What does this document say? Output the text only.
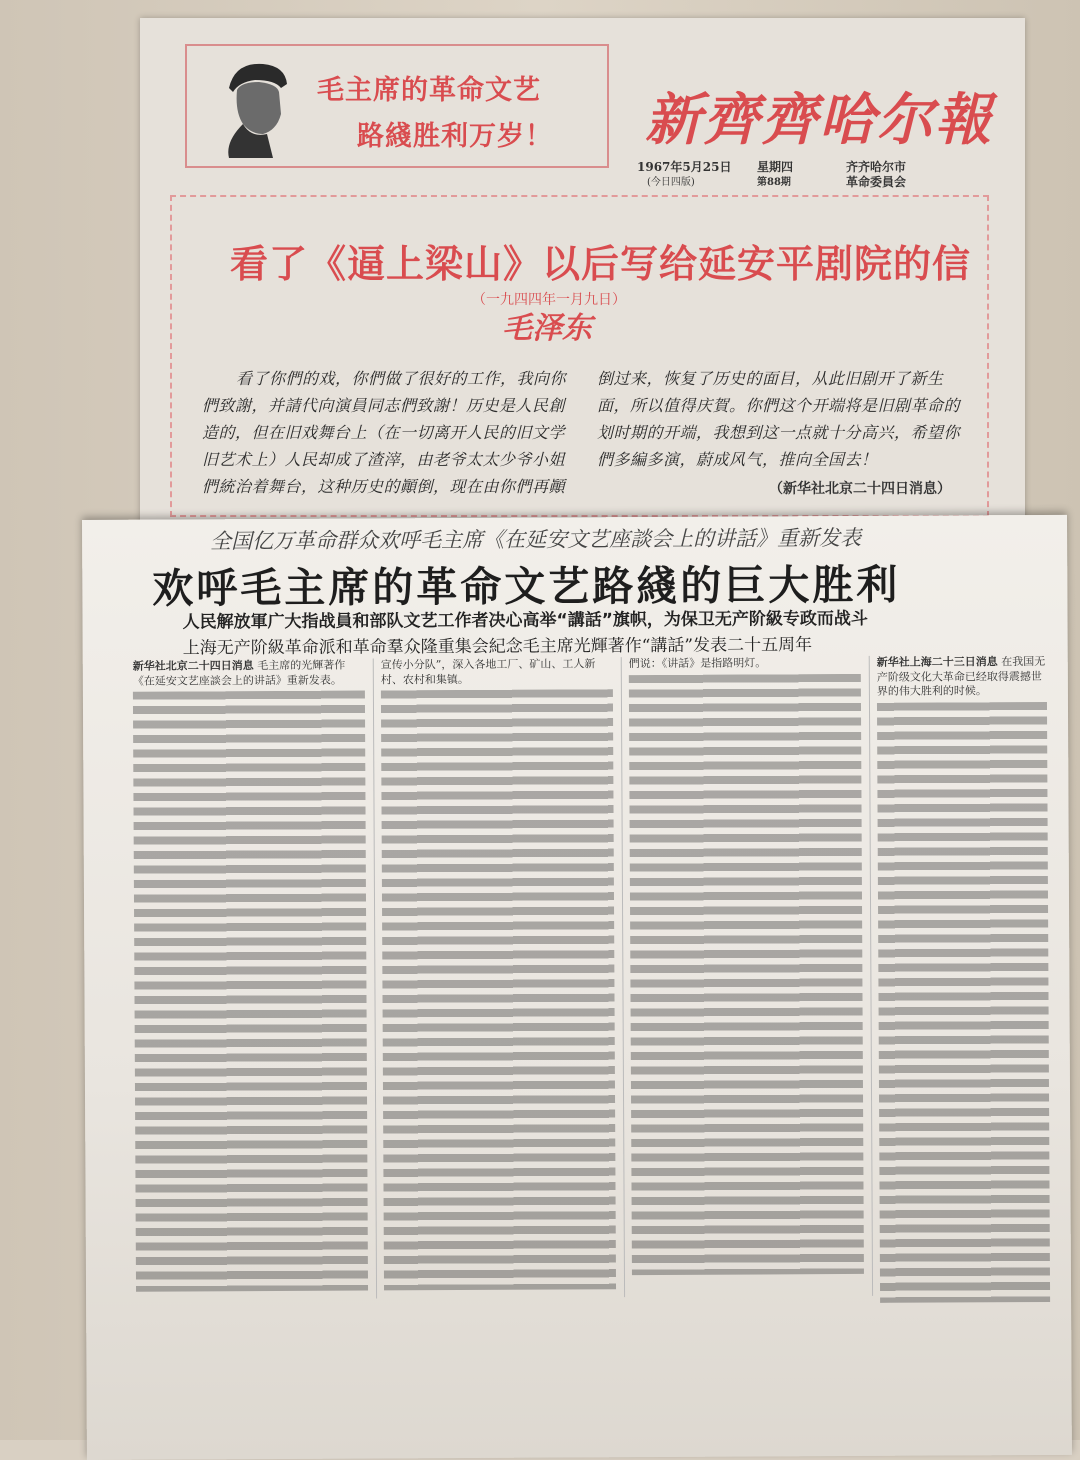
毛主席的革命文艺
路綫胜利万岁！ 新齊齊哈尔報
1967年5月25日
(今日四版)
星期四
第88期
齐齐哈尔市
革命委員会
看了《逼上梁山》以后写给延安平剧院的信
（一九四四年一月九日）
毛泽东
看了你們的戏，你們做了很好的工作，我向你
們致謝，并請代向演員同志們致謝！历史是人民創
造的，但在旧戏舞台上（在一切离开人民的旧文学
旧艺术上）人民却成了渣滓，由老爷太太少爷小姐
們統治着舞台，这种历史的顚倒，现在由你們再顚
倒过来，恢复了历史的面目，从此旧剧开了新生
面，所以值得庆賀。你們这个开端将是旧剧革命的
划时期的开端，我想到这一点就十分高兴，希望你
們多編多演，蔚成风气，推向全国去！
（新华社北京二十四日消息）
全国亿万革命群众欢呼毛主席《在延安文艺座談会上的讲話》重新发表
欢呼毛主席的革命文艺路綫的巨大胜利
人民解放軍广大指战員和部队文艺工作者决心高举“講話”旗帜，为保卫无产阶級专政而战斗
上海无产阶級革命派和革命羣众隆重集会紀念毛主席光輝著作“講話”发表二十五周年
新华社北京二十四日消息 毛主席的光輝著作《在延安文艺座談会上的讲話》重新发表。
宣传小分队”，深入各地工厂、矿山、工人新村、农村和集镇。
們说：《讲話》是指路明灯。	新华社上海二十三日消息 在我国无产阶级文化大革命已经取得震撼世界的伟大胜利的时候。
